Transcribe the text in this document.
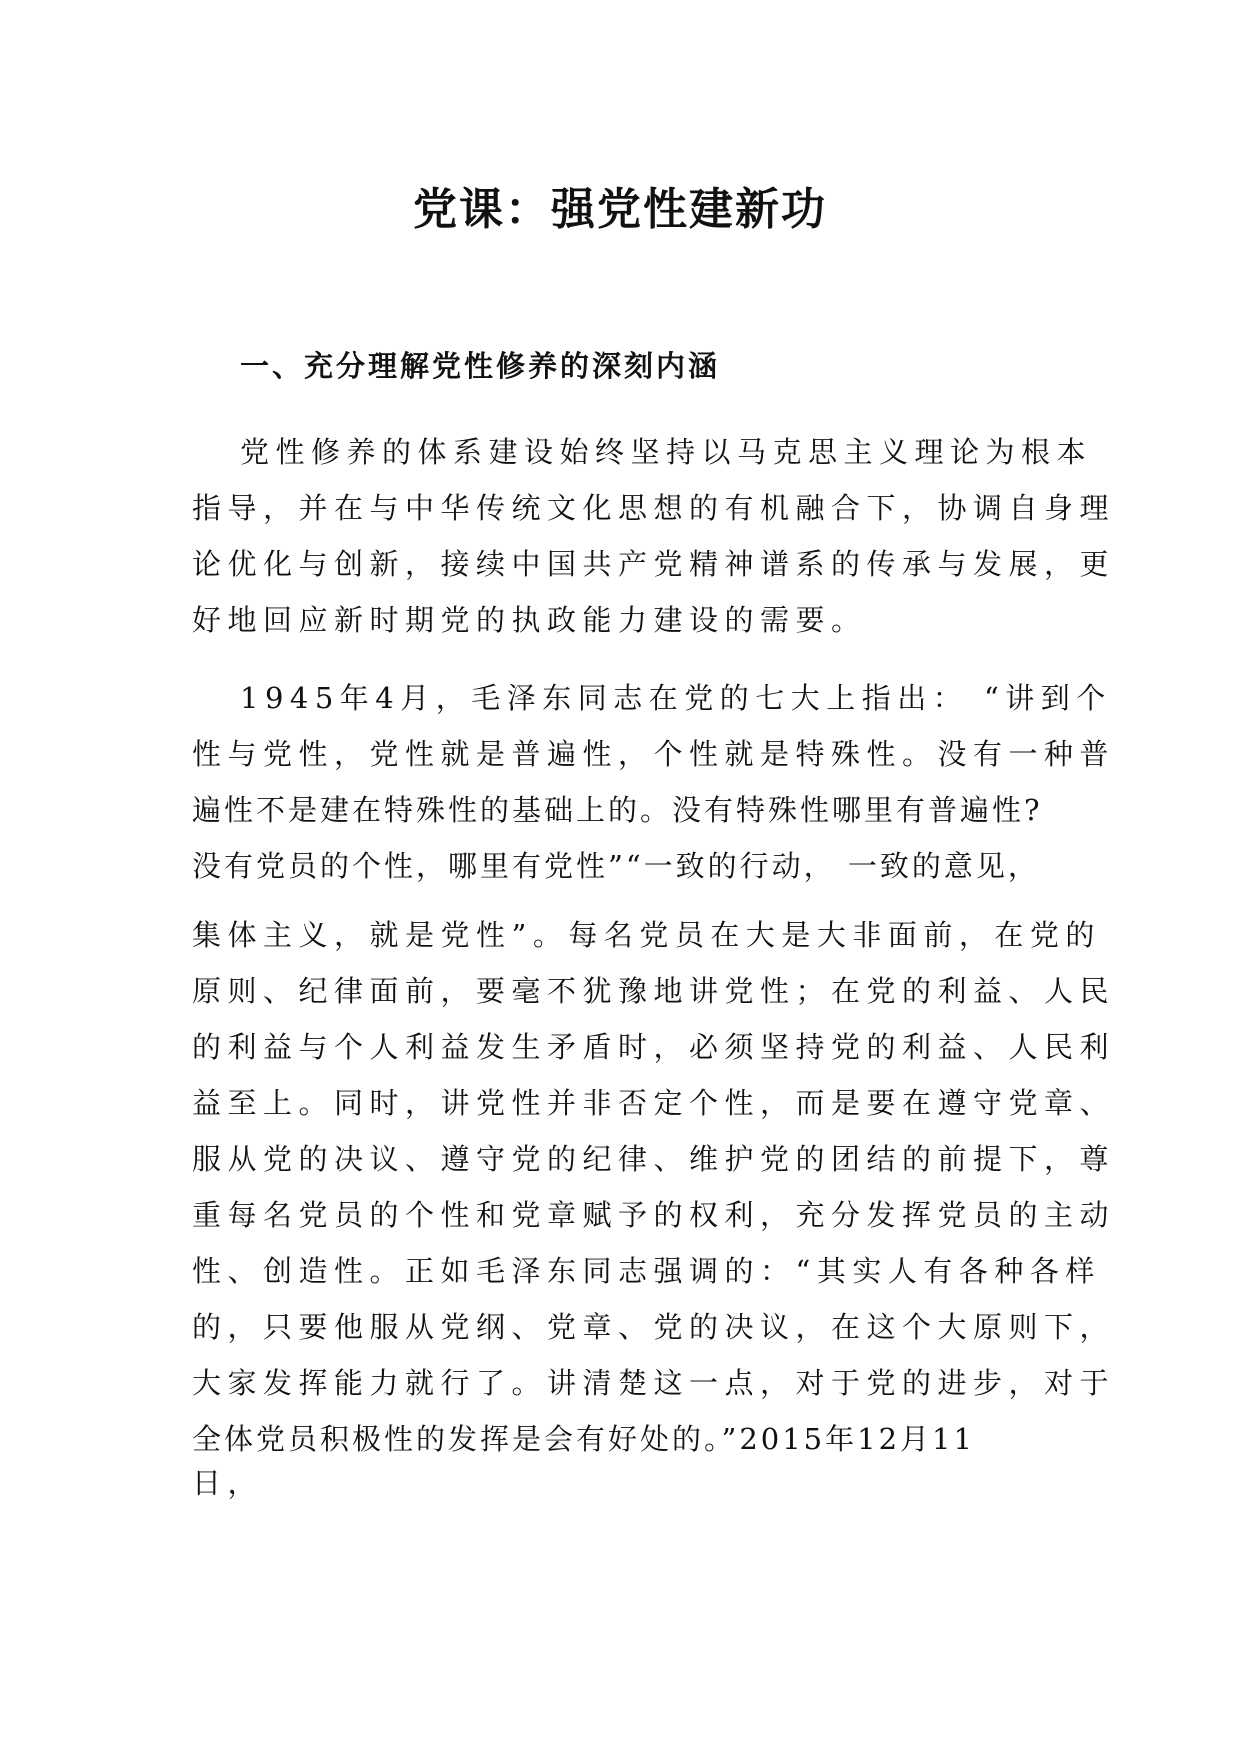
党课：强党性建新功
一、充分理解党性修养的深刻内涵
党性修养的体系建设始终坚持以马克思主义理论为根本
指导，并在与中华传统文化思想的有机融合下，协调自身理
论优化与创新，接续中国共产党精神谱系的传承与发展，更
好地回应新时期党的执政能力建设的需要。
1945年4月，毛泽东同志在党的七大上指出： “讲到个
性与党性，党性就是普遍性，个性就是特殊性。没有一种普
遍性不是建在特殊性的基础上的。没有特殊性哪里有普遍性?
没有党员的个性，哪里有党性”“一致的行动， 一致的意见，
集体主义，就是党性”。每名党员在大是大非面前，在党的
原则、纪律面前，要毫不犹豫地讲党性；在党的利益、人民
的利益与个人利益发生矛盾时，必须坚持党的利益、人民利
益至上。同时，讲党性并非否定个性，而是要在遵守党章、
服从党的决议、遵守党的纪律、维护党的团结的前提下，尊
重每名党员的个性和党章赋予的权利，充分发挥党员的主动
性、创造性。正如毛泽东同志强调的：“其实人有各种各样
的，只要他服从党纲、党章、党的决议，在这个大原则下，
大家发挥能力就行了。讲清楚这一点，对于党的进步，对于
全体党员积极性的发挥是会有好处的。”2015年12月11
日，
